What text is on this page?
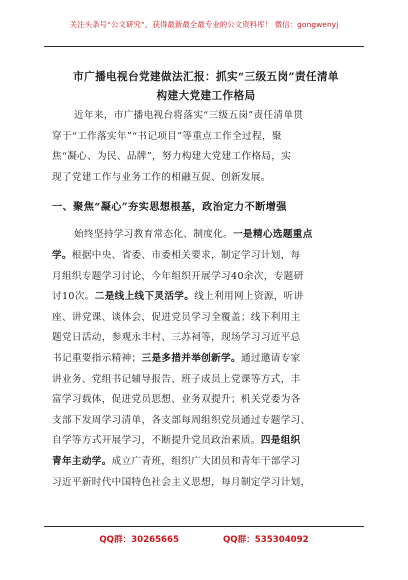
关注头条号“公文研究”，获得最新最全最专业的公文资料库！ 微信：gongwenyj
市广播电视台党建做法汇报：抓实“三级五岗”责任清单
构建大党建工作格局

近年来，市广播电视台将落实“三级五岗”责任清单贯
穿于“工作落实年”“书记项目”等重点工作全过程，聚
焦“凝心、为民、品牌”，努力构建大党建工作格局，实
现了党建工作与业务工作的相融互促、创新发展。

一、聚焦“凝心”夯实思想根基，政治定力不断增强

始终坚持学习教育常态化、制度化。一是精心选题重点
学。根据中央、省委、市委相关要求，制定学习计划，每
月组织专题学习讨论，今年组织开展学习40余次，专题研
讨10次。二是线上线下灵活学。线上利用网上资源，听讲
座、讲党课、谈体会，促进党员学习全覆盖；线下利用主
题党日活动，参观永丰村、三苏祠等，现场学习习近平总
书记重要指示精神；三是多措并举创新学。通过邀请专家
讲业务、党组书记辅导报告、班子成员上党课等方式，丰
富学习载体，促进党员思想、业务双提升；机关党委为各
支部下发周学习清单，各支部每周组织党员通过专题学习、
自学等方式开展学习，不断提升党员政治素质。四是组织
青年主动学。成立广青班，组织广大团员和青年干部学习
习近平新时代中国特色社会主义思想，每月制定学习计划，

QQ群：30265665	QQ群：535304092
